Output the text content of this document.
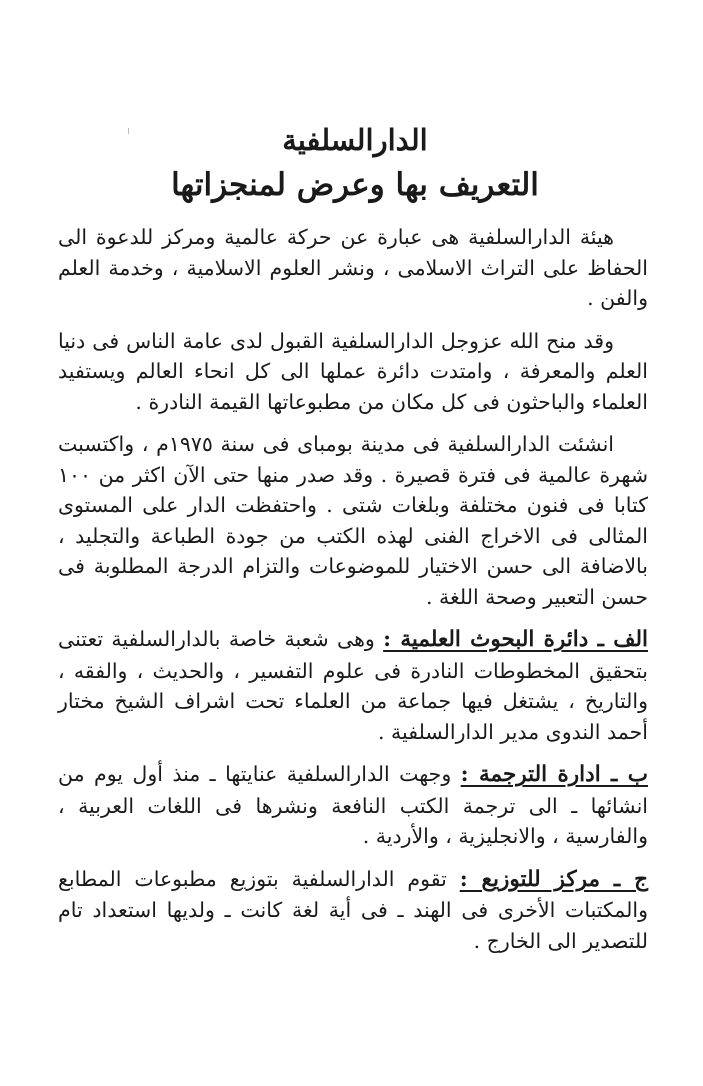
الدارالسلفية
التعريف بها وعرض لمنجزاتها

هيئة الدارالسلفية هى عبارة عن حركة عالمية ومركز للدعوة الى الحفاظ على التراث الاسلامى ، ونشر العلوم الاسلامية ، وخدمة العلم والفن .

وقد منح الله عزوجل الدارالسلفية القبول لدى عامة الناس فى دنيا العلم والمعرفة ، وامتدت دائرة عملها الى كل انحاء العالم ويستفيد العلماء والباحثون فى كل مكان من مطبوعاتها القيمة النادرة .

انشئت الدارالسلفية فى مدينة بومباى فى سنة ١٩٧٥م ، واكتسبت شهرة عالمية فى فترة قصيرة . وقد صدر منها حتى الآن اكثر من ١٠٠ كتابا فى فنون مختلفة وبلغات شتى . واحتفظت الدار على المستوى المثالى فى الاخراج الفنى لهذه الكتب من جودة الطباعة والتجليد ، بالاضافة الى حسن الاختيار للموضوعات والتزام الدرجة المطلوبة فى حسن التعبير وصحة اللغة .

الف ـ دائرة البحوث العلمية : وهى شعبة خاصة بالدارالسلفية تعتنى بتحقيق المخطوطات النادرة فى علوم التفسير ، والحديث ، والفقه ، والتاريخ ، يشتغل فيها جماعة من العلماء تحت اشراف الشيخ مختار أحمد الندوى مدير الدارالسلفية .

ب ـ ادارة الترجمة : وجهت الدارالسلفية عنايتها ـ منذ أول يوم من انشائها ـ الى ترجمة الكتب النافعة ونشرها فى اللغات العربية ، والفارسية ، والانجليزية ، والأردية .

ج ـ مركز للتوزيع : تقوم الدارالسلفية بتوزيع مطبوعات المطابع والمكتبات الأخرى فى الهند ـ فى أية لغة كانت ـ ولديها استعداد تام للتصدير الى الخارج .
